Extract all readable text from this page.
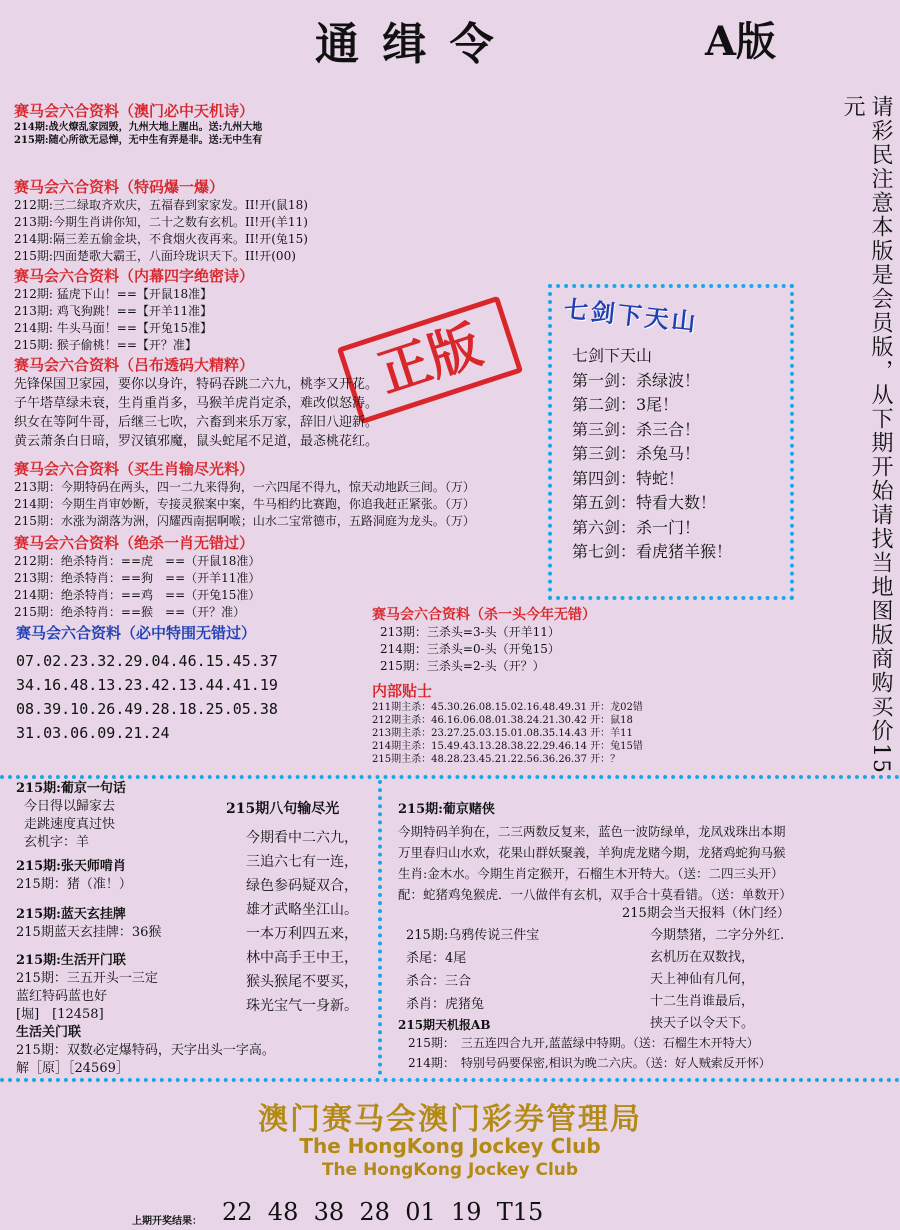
通 缉 令	A版
请彩民注意本版是会员版，从下期开始请找当地图版商购买价15元
正版
赛马会六合资料（澳门必中天机诗）
214期:战火燎乱家园毁，九州大地上腥出。送:九州大地
215期:随心所欲无忌惮，无中生有弄是非。送:无中生有
赛马会六合资料（特码爆一爆）
212期:三二绿取齐欢庆，五福春到家家发。II!开(鼠18)
213期:今期生肖讲你知，二十之数有玄机。II!开(羊11)
214期:隔三差五偷金块，不食烟火夜再来。II!开(兔15)
215期:四面楚歌大霸王，八面玲珑识天下。II!开(00)
赛马会六合资料（内幕四字绝密诗）
212期: 猛虎下山！==【开鼠18准】
213期: 鸡飞狗跳！==【开羊11准】
214期: 牛头马面！==【开兔15准】
215期: 猴子偷桃！==【开？准】
赛马会六合资料（吕布透码大精粹）
先锋保国卫家园，要你以身许，特码吞跳二六九，桃李又开花。
子午塔草绿未衰，生肖重肖多，马猴羊虎肖定杀，难改似怒涛。
织女在等阿牛哥，后继三七吹，六畜到来乐万家，辞旧八迎新。
黄云萧条白日暗，罗汉镇邪魔，鼠头蛇尾不足道，最忞桃花红。
赛马会六合资料（买生肖输尽光料）
213期：今期特码在两头，四一二九来得狗，一六四尾不得九，惊天动地跃三间。（万）
214期：今期生肖审妙断，专接灵猴案中案，牛马相约比赛跑，你追我赶正紧张。（万）
215期：水涨为湖落为洲，闪耀西南据啊喉；山水二宝常德市，五路洞庭为龙头。（万）
赛马会六合资料（绝杀一肖无错过）
212期：绝杀特肖：==虎　==（开鼠18准）
213期：绝杀特肖：==狗　==（开羊11准）
214期：绝杀特肖：==鸡　==（开兔15准）
215期：绝杀特肖：==猴　==（开？准）
赛马会六合资料（必中特围无错过）
07.02.23.32.29.04.46.15.45.37
34.16.48.13.23.42.13.44.41.19
08.39.10.26.49.28.18.25.05.38
31.03.06.09.21.24
七剑下天山
七剑下天山
第一剑：杀绿波！
第二剑：3尾！
第三剑：杀三合！
第三剑：杀兔马！
第四剑：特蛇！
第五剑：特看大数！
第六剑：杀一门！
第七剑：看虎猪羊猴！
赛马会六合资料（杀一头今年无错）
213期：三杀头=3-头（开羊11）
214期：三杀头=0-头（开兔15）
215期：三杀头=2-头（开？）
内部贴士
211期主杀：45.30.26.08.15.02.16.48.49.31 开：龙02错
212期主杀：46.16.06.08.01.38.24.21.30.42 开：鼠18
213期主杀：23.27.25.03.15.01.08.35.14.43 开：羊11
214期主杀：15.49.43.13.28.38.22.29.46.14 开：兔15错
215期主杀：48.28.23.45.21.22.56.36.26.37 开：？
215期:葡京一句话
今日得以歸家去
走跳速度真过快
玄机字：羊
215期:张天师啃肖
215期：猪（准！）
215期:蓝天玄挂牌
215期蓝天玄挂牌：36猴
215期:生活开门联
215期：三五开头一三定
蓝红特码蓝也好
[堀]　[12458]
生活关门联
215期：双数必定爆特码，天字出头一字高。
解［原］［24569］
215期八句输尽光
今期看中二六九，
三追六七有一连，
绿色参码疑双合，
雄才武略坐江山。
一本万利四五来，
林中高手王中王，
猴头猴尾不要买，
珠光宝气一身新。
215期:葡京赌侠
今期特码羊狗在，二三两数反复来，蓝色一波防绿单，龙凤戏珠出本期
万里春归山水欢，花果山群妖聚義，羊狗虎龙赌今期，龙猪鸡蛇狗马猴
生肖:金木水。今期生肖定猴开，石榴生木开特大。（送：二四三头开）
配：蛇猪鸡兔猴虎．一八做伴有玄机，双手合十莫看错。（送：单数开）
215期:乌鸦传说三件宝
杀尾：4尾
杀合：三合
杀肖：虎猪兔
215期会当天报料（休门经）
今期禁猪，二字分外红.
玄机历在双数找，
天上神仙有几何，
十二生肖谁最后，
挟天子以令天下。
215期天机报AB
215期：　三五连四合九开,蓝蓝绿中特期。（送：石榴生木开特大）
214期：　特别号码要保密,相识为晚二六庆。（送：好人贼索反开怀）
澳门赛马会澳门彩券管理局
The HongKong Jockey Club
The HongKong Jockey Club
上期开奖结果： 22  48  38  28  01  19  T15
